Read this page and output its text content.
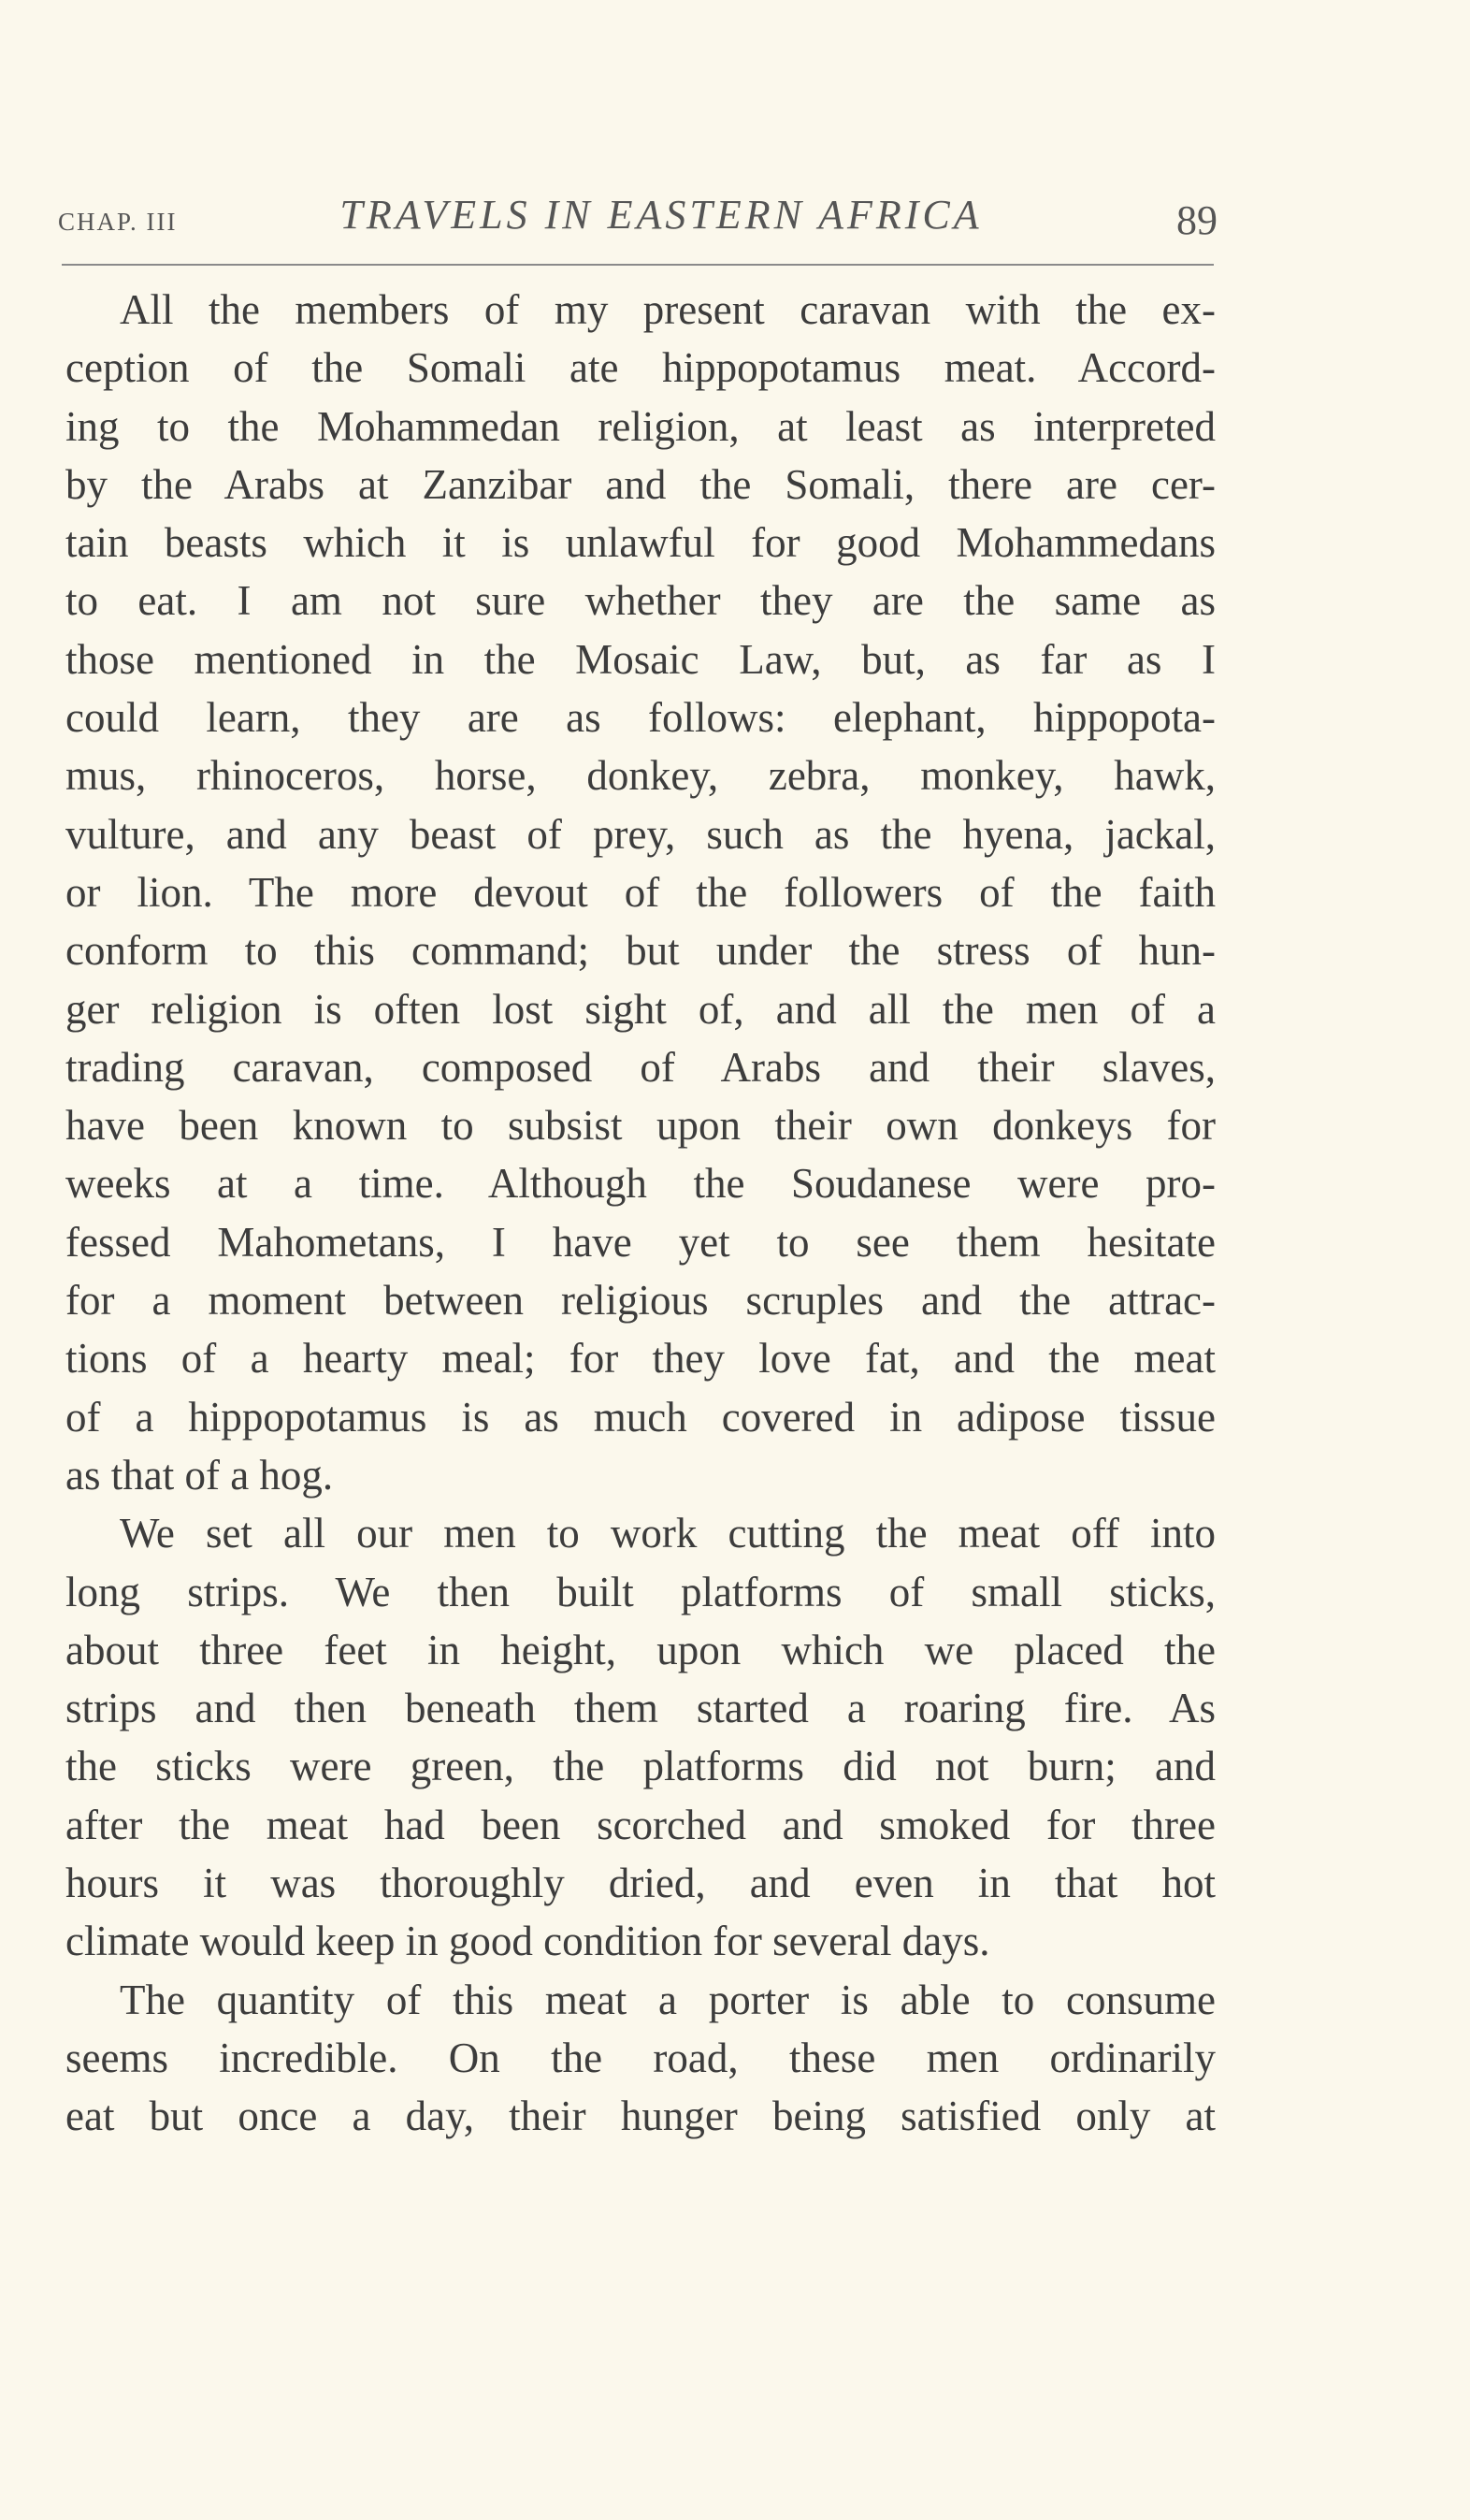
CHAP. III	TRAVELS IN EASTERN AFRICA	89
All the members of my present caravan with the ex-
ception of the Somali ate hippopotamus meat. Accord-
ing to the Mohammedan religion, at least as interpreted
by the Arabs at Zanzibar and the Somali, there are cer-
tain beasts which it is unlawful for good Mohammedans
to eat. I am not sure whether they are the same as
those mentioned in the Mosaic Law, but, as far as I
could learn, they are as follows: elephant, hippopota-
mus, rhinoceros, horse, donkey, zebra, monkey, hawk,
vulture, and any beast of prey, such as the hyena, jackal,
or lion. The more devout of the followers of the faith
conform to this command; but under the stress of hun-
ger religion is often lost sight of, and all the men of a
trading caravan, composed of Arabs and their slaves,
have been known to subsist upon their own donkeys for
weeks at a time. Although the Soudanese were pro-
fessed Mahometans, I have yet to see them hesitate
for a moment between religious scruples and the attrac-
tions of a hearty meal; for they love fat, and the meat
of a hippopotamus is as much covered in adipose tissue
as that of a hog.
We set all our men to work cutting the meat off into
long strips. We then built platforms of small sticks,
about three feet in height, upon which we placed the
strips and then beneath them started a roaring fire. As
the sticks were green, the platforms did not burn; and
after the meat had been scorched and smoked for three
hours it was thoroughly dried, and even in that hot
climate would keep in good condition for several days.
The quantity of this meat a porter is able to consume
seems incredible. On the road, these men ordinarily
eat but once a day, their hunger being satisfied only at
